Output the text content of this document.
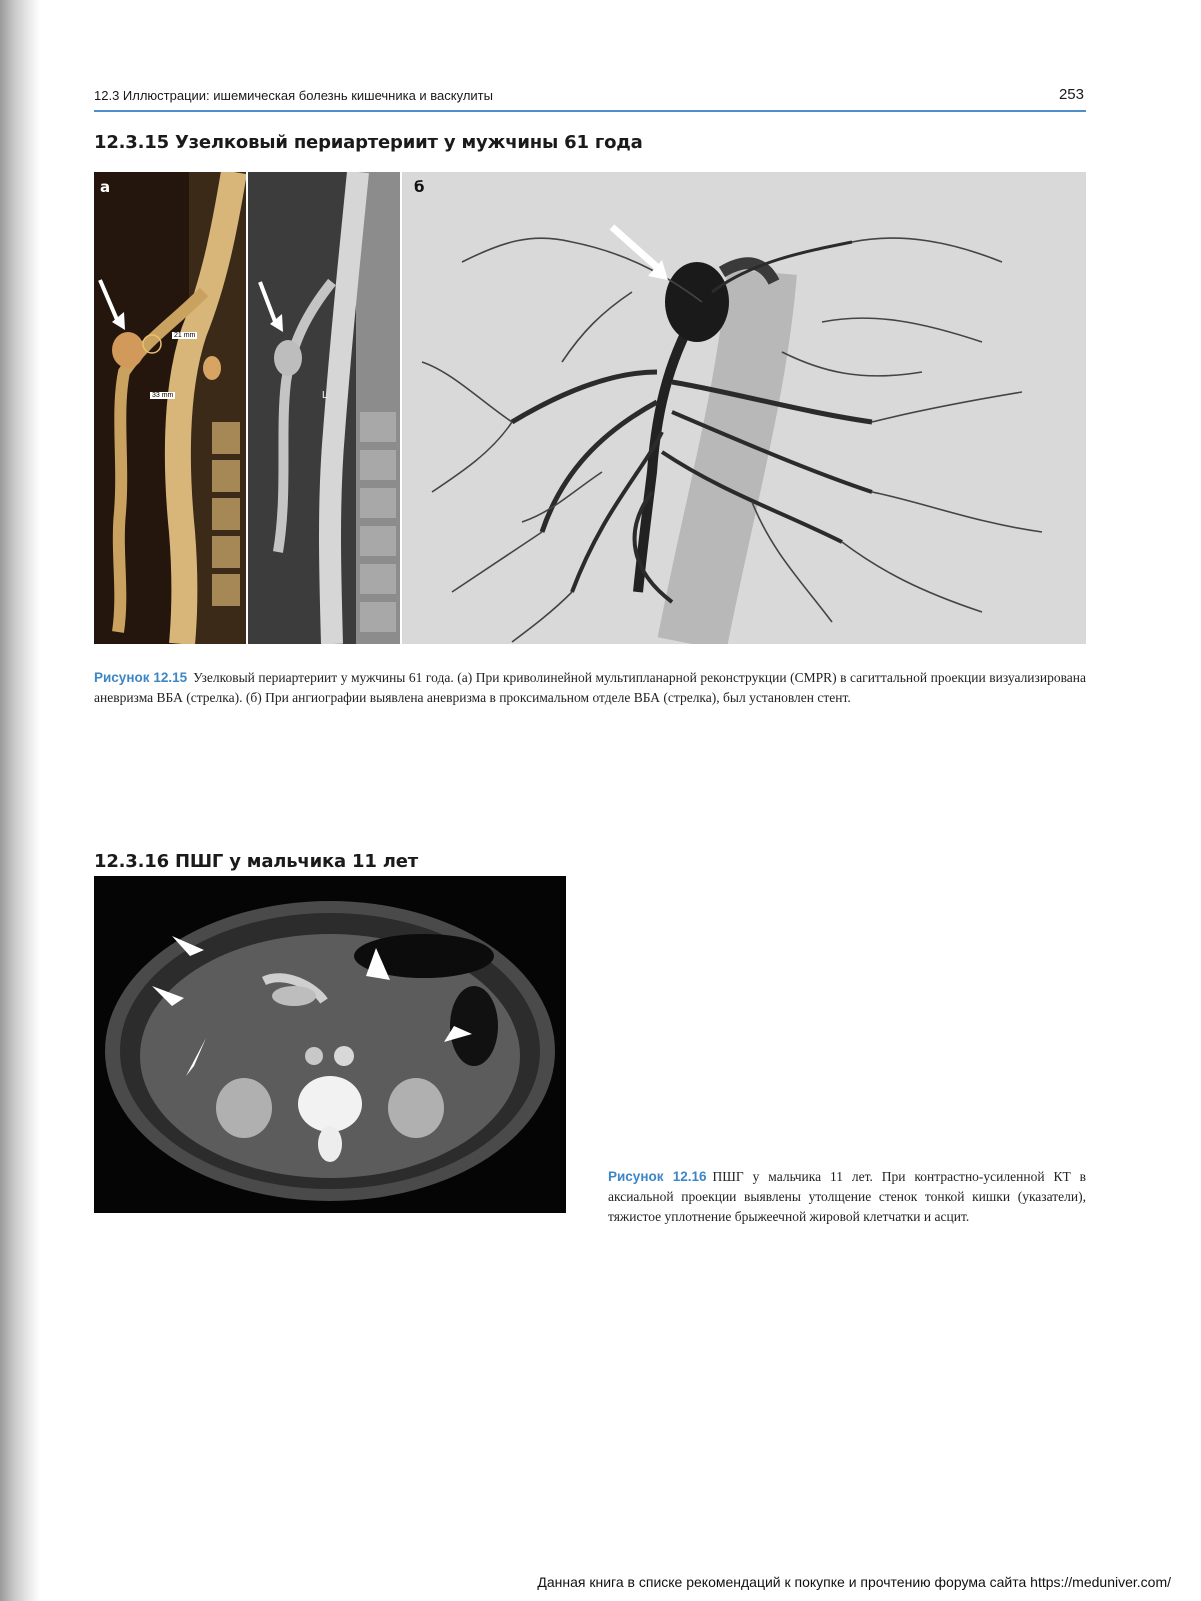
12.3 Иллюстрации: ишемическая болезнь кишечника и васкулиты	253
12.3.15 Узелковый периартериит у мужчины 61 года
а
21 mm
33 mm	L
б
Рисунок 12.15 Узелковый периартериит у мужчины 61 года. (а) При криволинейной мультипланарной реконструкции (CMPR) в сагиттальной проекции визуализирована аневризма ВБА (стрелка). (б) При ангиографии выявлена аневризма в проксимальном отделе ВБА (стрелка), был установлен стент.
12.3.16 ПШГ у мальчика 11 лет
Рисунок 12.16 ПШГ у мальчика 11 лет. При контрастно-усиленной КТ в аксиальной проекции выявлены утолщение стенок тонкой кишки (указатели), тяжистое уплотнение брыжеечной жировой клетчатки и асцит.
Данная книга в списке рекомендаций к покупке и прочтению форума сайта https://meduniver.com/
